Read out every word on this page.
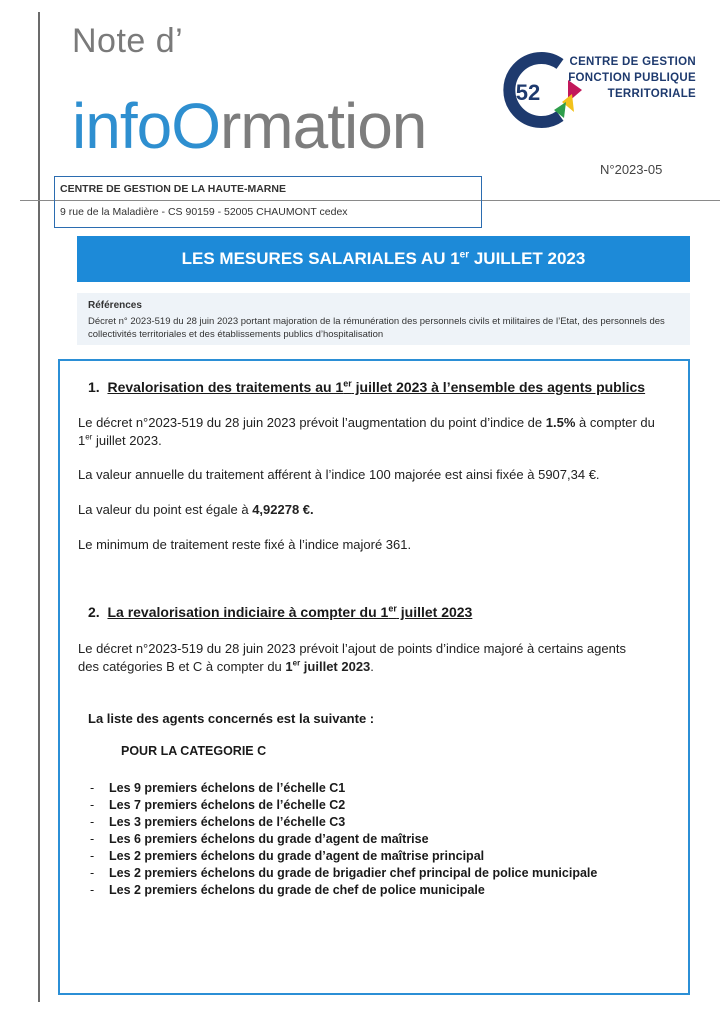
Note d’
infoOrmation	52
CENTRE DE GESTION
FONCTION PUBLIQUE
TERRITORIALE
N°2023-05
CENTRE DE GESTION DE LA HAUTE-MARNE
9 rue de la Maladière - CS 90159 - 52005 CHAUMONT cedex
LES MESURES SALARIALES AU 1er JUILLET 2023
Références
Décret n° 2023-519 du 28 juin 2023 portant majoration de la rémunération des personnels civils et militaires de l’Etat, des personnels des collectivités territoriales et des établissements publics d’hospitalisation
1. Revalorisation des traitements au 1er juillet 2023 à l’ensemble des agents publics
Le décret n°2023-519 du 28 juin 2023 prévoit l’augmentation du point d’indice de 1.5% à compter du
1er juillet 2023.
La valeur annuelle du traitement afférent à l’indice 100 majorée est ainsi fixée à 5907,34 €.
La valeur du point est égale à 4,92278 €.
Le minimum de traitement reste fixé à l’indice majoré 361.
2. La revalorisation indiciaire à compter du 1er juillet 2023
Le décret n°2023-519 du 28 juin 2023 prévoit l’ajout de points d’indice majoré à certains agents
des catégories B et C à compter du 1er juillet 2023.
La liste des agents concernés est la suivante :
POUR LA CATEGORIE C
- Les 9 premiers échelons de l’échelle C1
- Les 7 premiers échelons de l’échelle C2
- Les 3 premiers échelons de l’échelle C3
- Les 6 premiers échelons du grade d’agent de maîtrise
- Les 2 premiers échelons du grade d’agent de maîtrise principal
- Les 2 premiers échelons du grade de brigadier chef principal de police municipale
- Les 2 premiers échelons du grade de chef de police municipale
